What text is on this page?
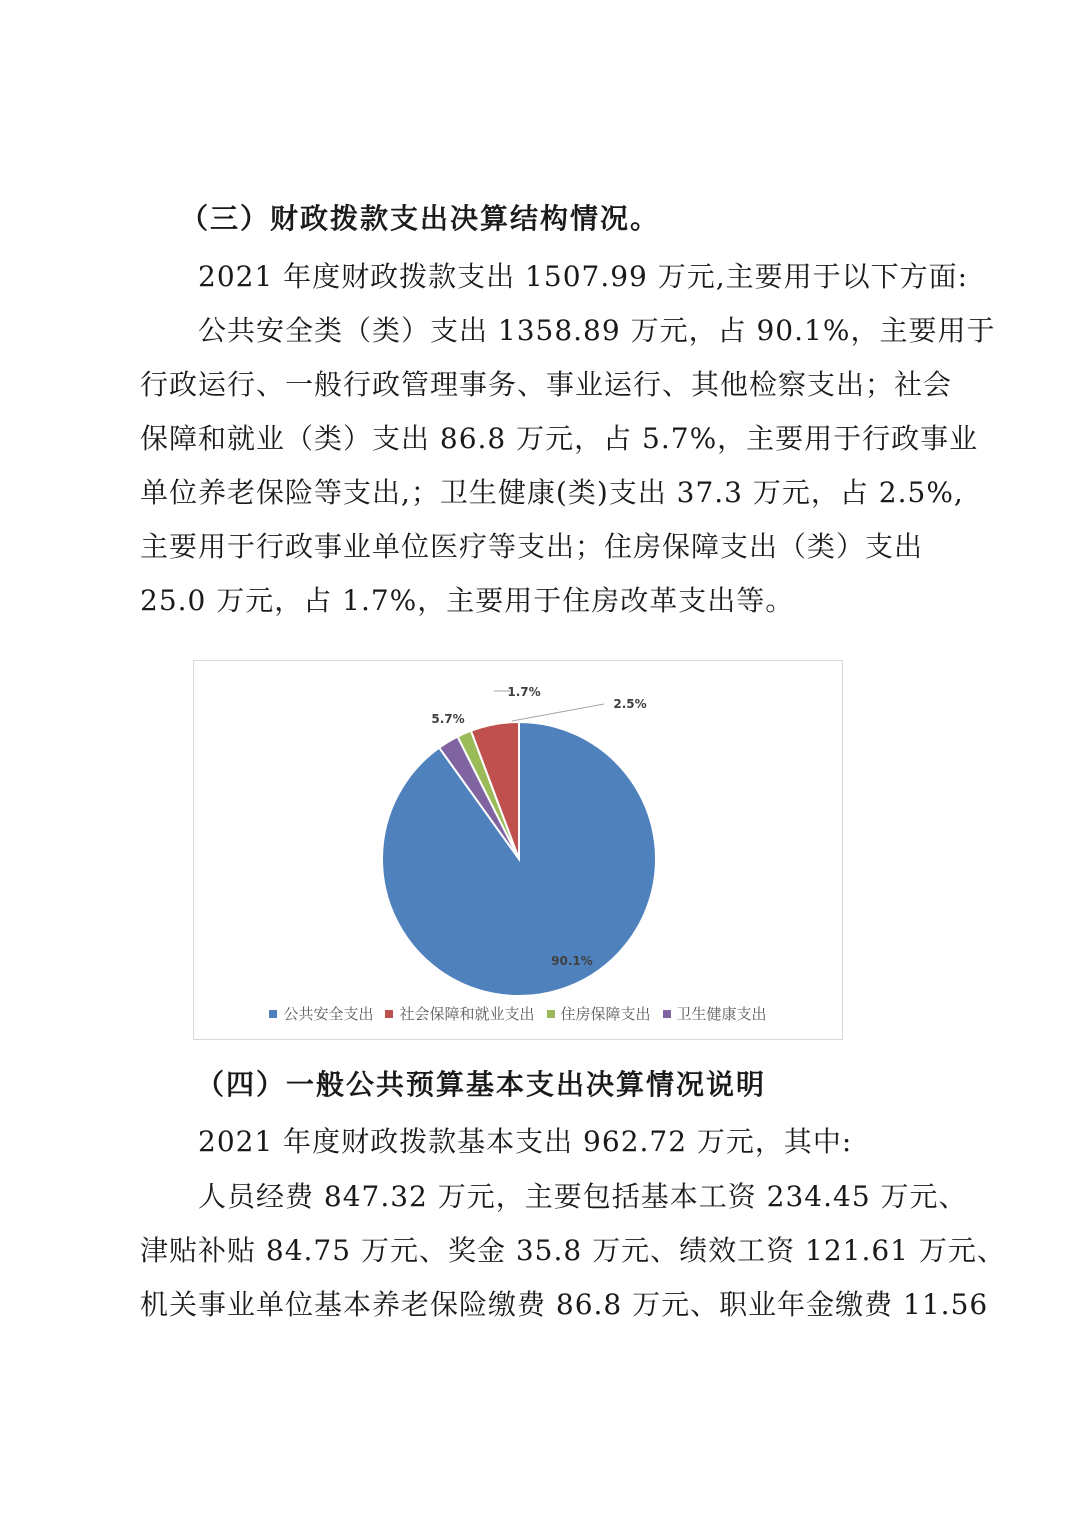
（三）财政拨款支出决算结构情况。
2021 年度财政拨款支出 1507.99 万元,主要用于以下方面:
公共安全类（类）支出 1358.89 万元，占 90.1%，主要用于
行政运行、一般行政管理事务、事业运行、其他检察支出；社会
保障和就业（类）支出 86.8 万元，占 5.7%，主要用于行政事业
单位养老保险等支出,；卫生健康(类)支出 37.3 万元，占 2.5%,
主要用于行政事业单位医疗等支出；住房保障支出（类）支出
25.0 万元，占 1.7%，主要用于住房改革支出等。
90.1%
5.7%
1.7%
2.5%
公共安全支出 社会保障和就业支出 住房保障支出 卫生健康支出
（四）一般公共预算基本支出决算情况说明
2021 年度财政拨款基本支出 962.72 万元，其中:
人员经费 847.32 万元，主要包括基本工资 234.45 万元、
津贴补贴 84.75 万元、奖金 35.8 万元、绩效工资 121.61 万元、
机关事业单位基本养老保险缴费 86.8 万元、职业年金缴费 11.56
